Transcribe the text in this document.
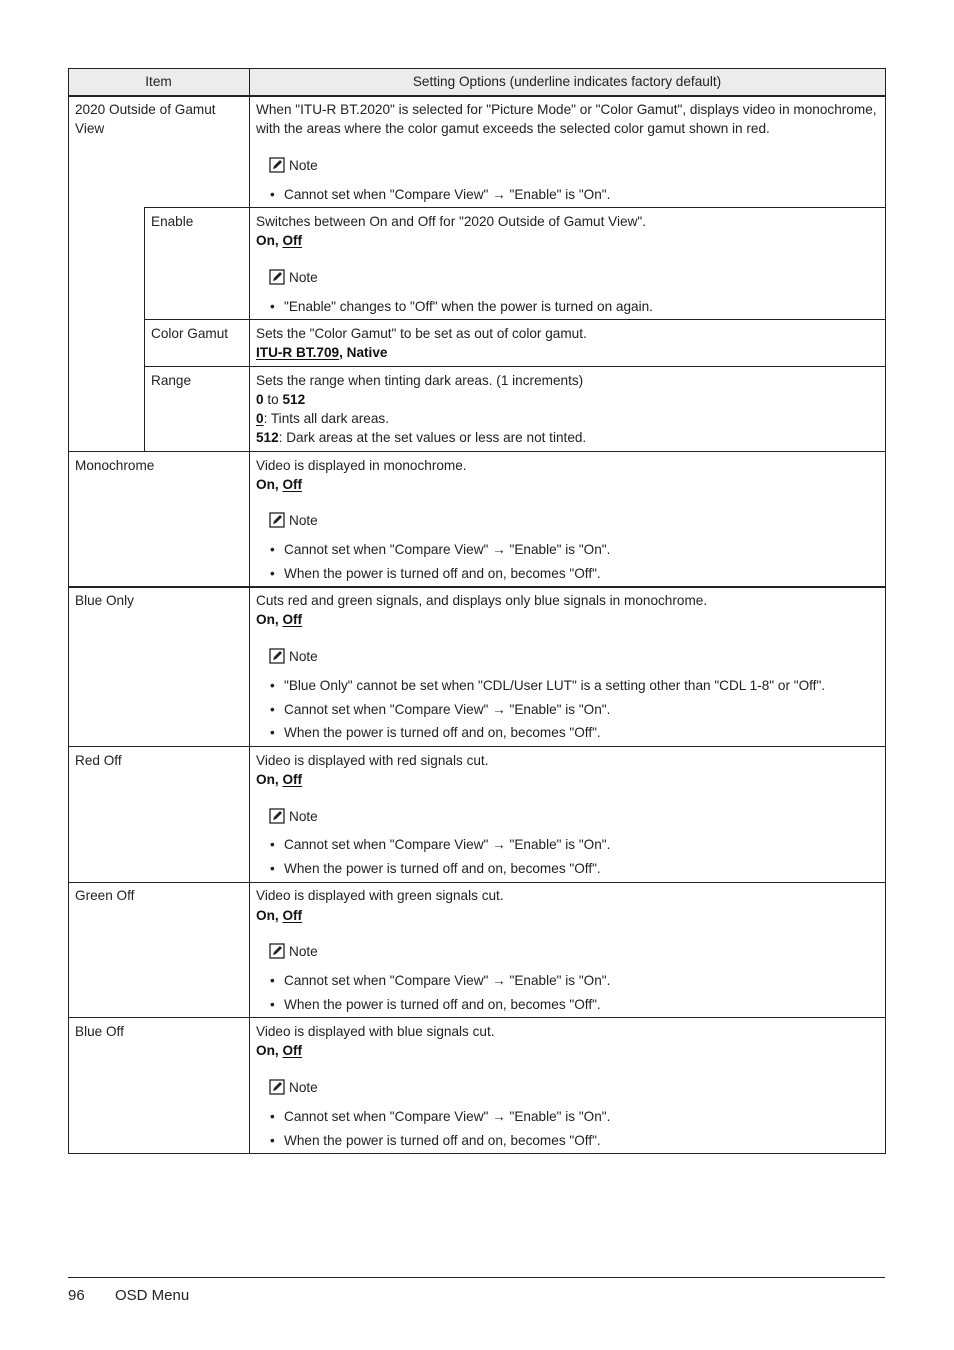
Item	Setting Options (underline indicates factory default)
2020 Outside of Gamut View
When "ITU-R BT.2020" is selected for "Picture Mode" or "Color Gamut", displays video in monochrome, with the areas where the color gamut exceeds the selected color gamut shown in red.
Note
• Cannot set when "Compare View" → "Enable" is "On".
Enable	Switches between On and Off for "2020 Outside of Gamut View".
On, Off
Note
• "Enable" changes to "Off" when the power is turned on again.
Color Gamut Sets the "Color Gamut" to be set as out of color gamut.
ITU-R BT.709, Native
Range	Sets the range when tinting dark areas. (1 increments)
0 to 512
0: Tints all dark areas.
512: Dark areas at the set values or less are not tinted.
Monochrome	Video is displayed in monochrome.
On, Off
Note
• Cannot set when "Compare View" → "Enable" is "On".
• When the power is turned off and on, becomes "Off".
Blue Only	Cuts red and green signals, and displays only blue signals in monochrome.
On, Off
Note
• "Blue Only" cannot be set when "CDL/User LUT" is a setting other than "CDL 1-8" or "Off".
• Cannot set when "Compare View" → "Enable" is "On".
• When the power is turned off and on, becomes "Off".
Red Off	Video is displayed with red signals cut.
On, Off
Note
• Cannot set when "Compare View" → "Enable" is "On".
• When the power is turned off and on, becomes "Off".
Green Off	Video is displayed with green signals cut.
On, Off
Note
• Cannot set when "Compare View" → "Enable" is "On".
• When the power is turned off and on, becomes "Off".
Blue Off	Video is displayed with blue signals cut.
On, Off
Note
• Cannot set when "Compare View" → "Enable" is "On".
• When the power is turned off and on, becomes "Off".
96 OSD Menu
